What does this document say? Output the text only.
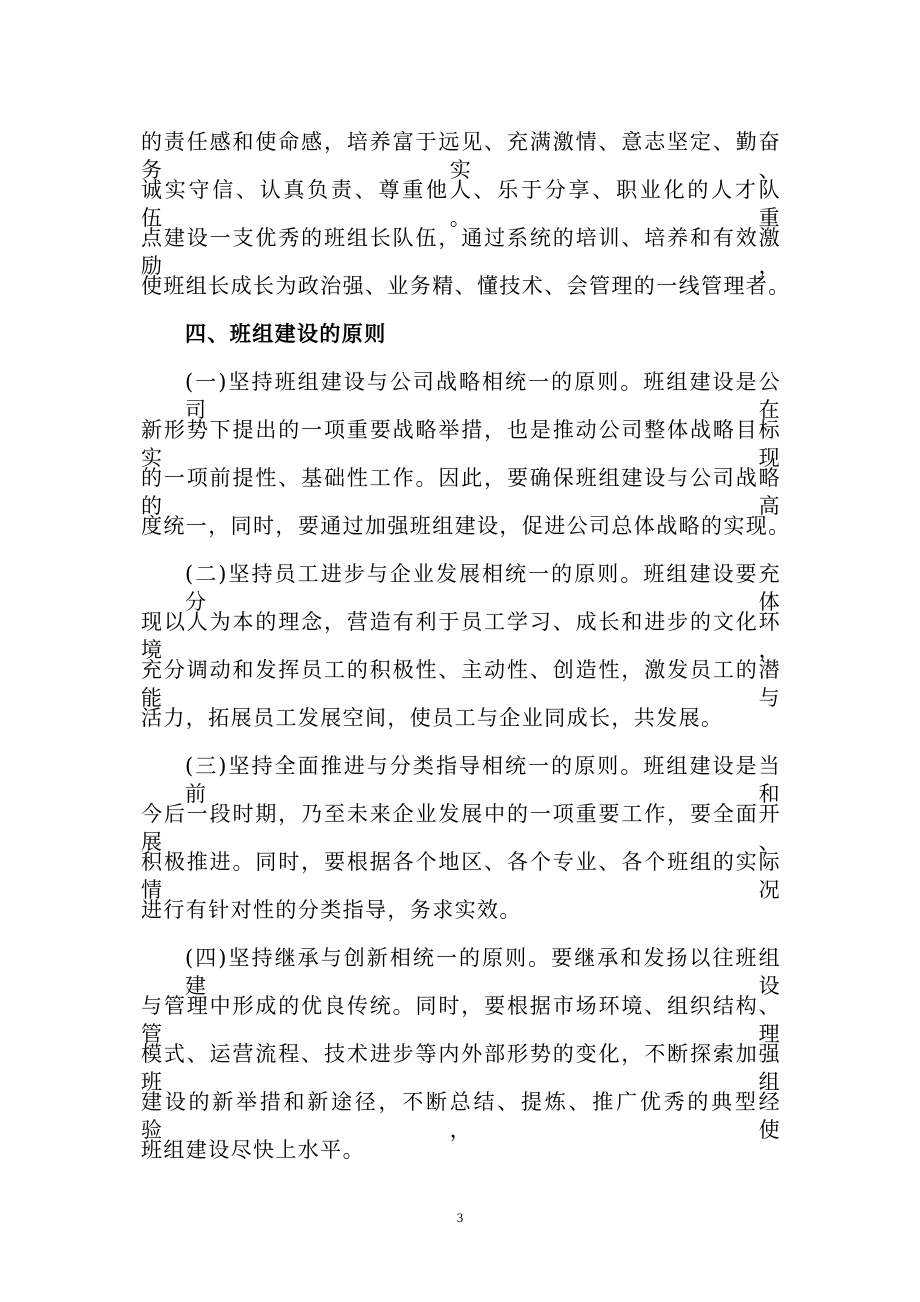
的责任感和使命感，培养富于远见、充满激情、意志坚定、勤奋务实、
诚实守信、认真负责、尊重他人、乐于分享、职业化的人才队伍。重
点建设一支优秀的班组长队伍，通过系统的培训、培养和有效激励，
使班组长成长为政治强、业务精、懂技术、会管理的一线管理者。
四、班组建设的原则
(一)坚持班组建设与公司战略相统一的原则。班组建设是公司在
新形势下提出的一项重要战略举措，也是推动公司整体战略目标实现
的一项前提性、基础性工作。因此，要确保班组建设与公司战略的高
度统一，同时，要通过加强班组建设，促进公司总体战略的实现。
(二)坚持员工进步与企业发展相统一的原则。班组建设要充分体
现以人为本的理念，营造有利于员工学习、成长和进步的文化环境，
充分调动和发挥员工的积极性、主动性、创造性，激发员工的潜能与
活力，拓展员工发展空间，使员工与企业同成长，共发展。
(三)坚持全面推进与分类指导相统一的原则。班组建设是当前和
今后一段时期，乃至未来企业发展中的一项重要工作，要全面开展、
积极推进。同时，要根据各个地区、各个专业、各个班组的实际情况
进行有针对性的分类指导，务求实效。
(四)坚持继承与创新相统一的原则。要继承和发扬以往班组建设
与管理中形成的优良传统。同时，要根据市场环境、组织结构、管理
模式、运营流程、技术进步等内外部形势的变化，不断探索加强班组
建设的新举措和新途径，不断总结、提炼、推广优秀的典型经验，使
班组建设尽快上水平。
3
